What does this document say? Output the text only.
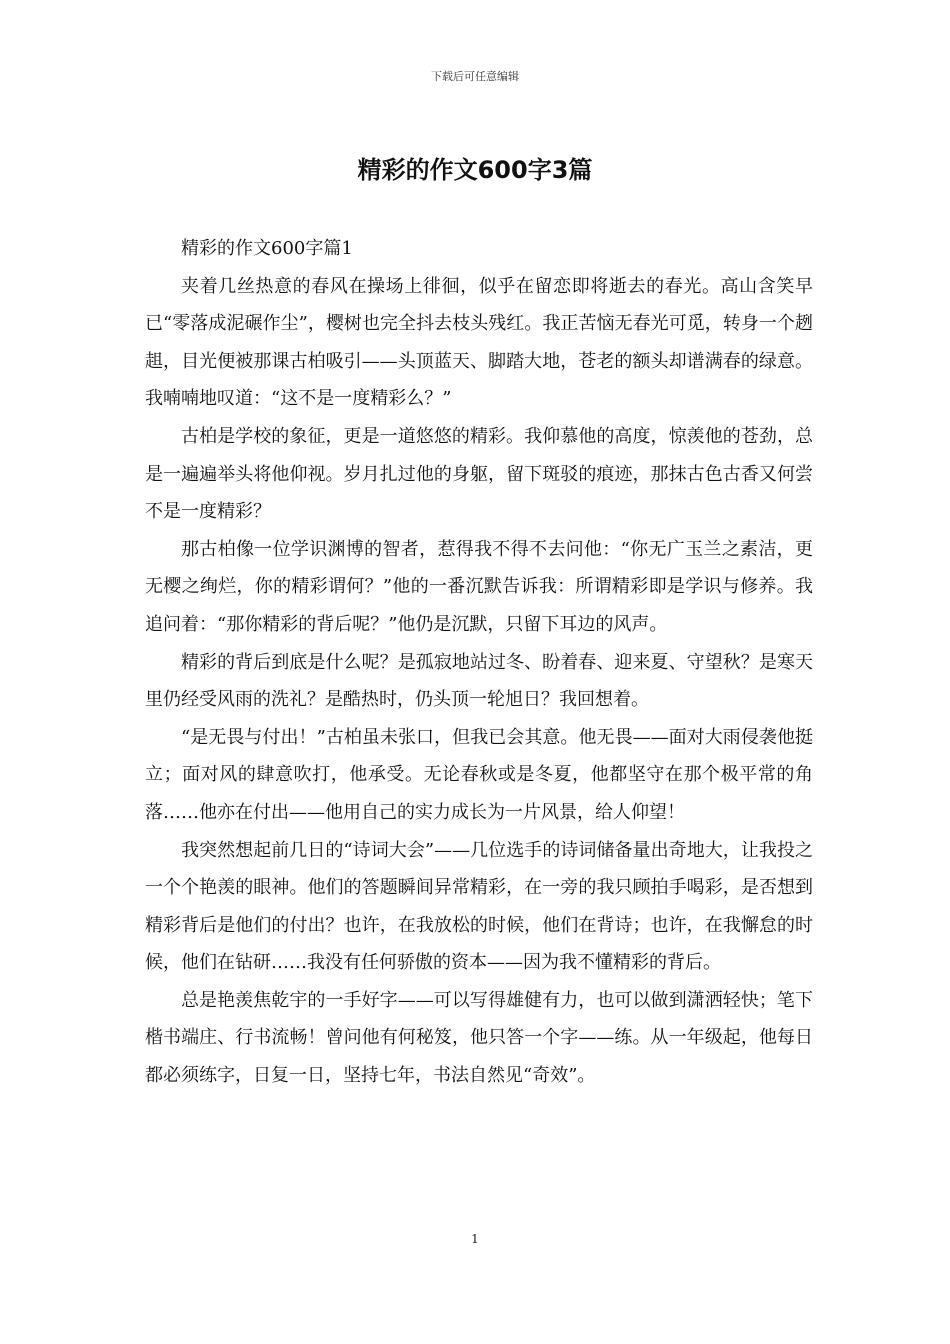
下载后可任意编辑
精彩的作文600字3篇

精彩的作文600字篇1

夹着几丝热意的春风在操场上徘徊，似乎在留恋即将逝去的春光。高山含笑早已“零落成泥碾作尘”，樱树也完全抖去枝头残红。我正苦恼无春光可觅，转身一个趔趄，目光便被那课古柏吸引——头顶蓝天、脚踏大地，苍老的额头却谱满春的绿意。我喃喃地叹道：“这不是一度精彩么？”

古柏是学校的象征，更是一道悠悠的精彩。我仰慕他的高度，惊羡他的苍劲，总是一遍遍举头将他仰视。岁月扎过他的身躯，留下斑驳的痕迹，那抹古色古香又何尝不是一度精彩？

那古柏像一位学识渊博的智者，惹得我不得不去问他：“你无广玉兰之素洁，更无樱之绚烂，你的精彩谓何？”他的一番沉默告诉我：所谓精彩即是学识与修养。我追问着：“那你精彩的背后呢？”他仍是沉默，只留下耳边的风声。

精彩的背后到底是什么呢？是孤寂地站过冬、盼着春、迎来夏、守望秋？是寒天里仍经受风雨的洗礼？是酷热时，仍头顶一轮旭日？我回想着。

“是无畏与付出！”古柏虽未张口，但我已会其意。他无畏——面对大雨侵袭他挺立；面对风的肆意吹打，他承受。无论春秋或是冬夏，他都坚守在那个极平常的角落……他亦在付出——他用自己的实力成长为一片风景，给人仰望！

我突然想起前几日的“诗词大会”——几位选手的诗词储备量出奇地大，让我投之一个个艳羡的眼神。他们的答题瞬间异常精彩，在一旁的我只顾拍手喝彩，是否想到精彩背后是他们的付出？也许，在我放松的时候，他们在背诗；也许，在我懈怠的时候，他们在钻研……我没有任何骄傲的资本——因为我不懂精彩的背后。

总是艳羡焦乾宇的一手好字——可以写得雄健有力，也可以做到潇洒轻快；笔下楷书端庄、行书流畅！曾问他有何秘笈，他只答一个字——练。从一年级起，他每日都必须练字，日复一日，坚持七年，书法自然见“奇效”。

1
